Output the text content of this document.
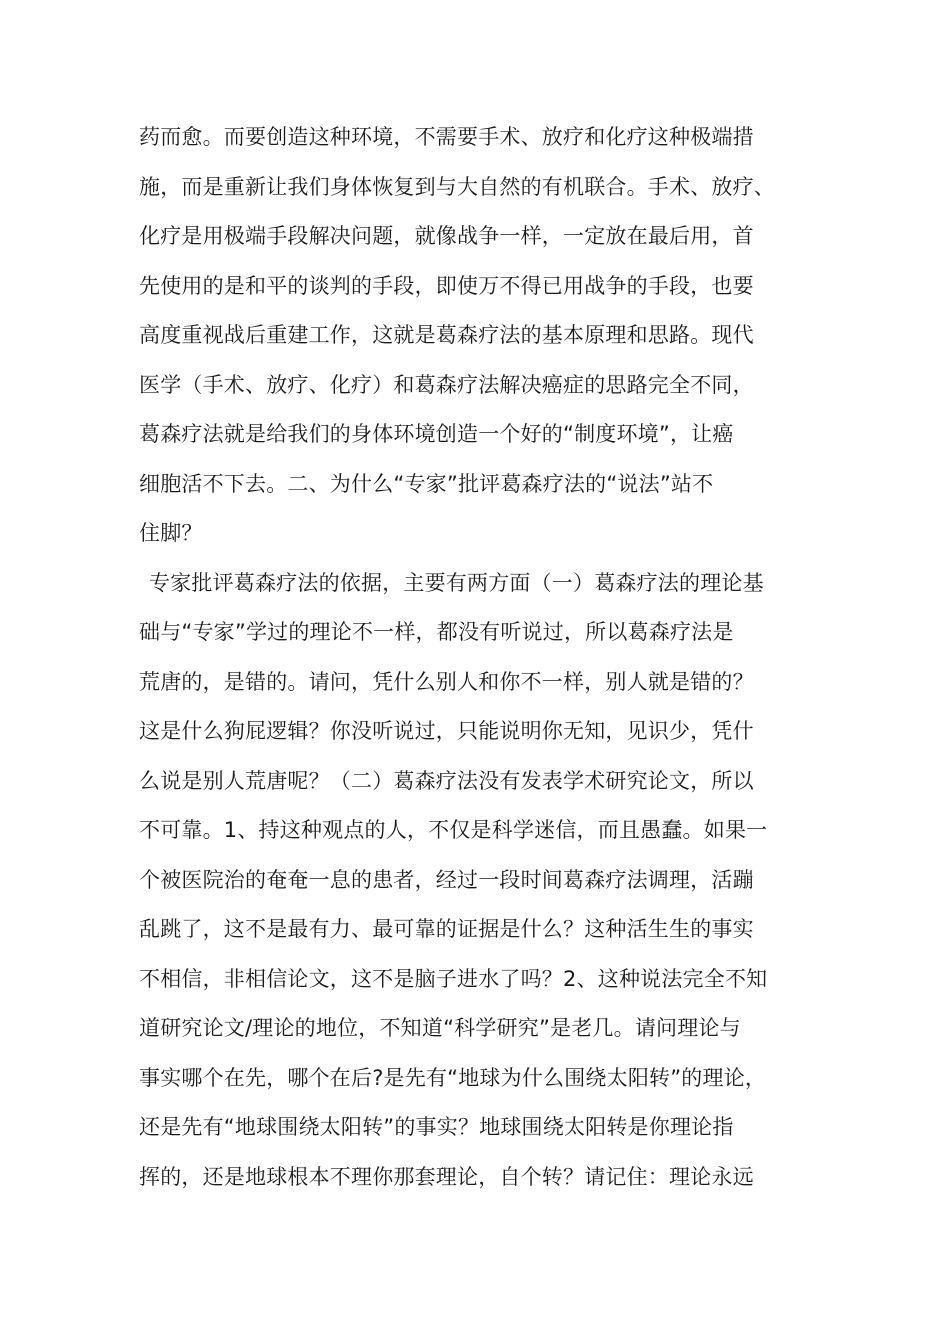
药而愈。而要创造这种环境，不需要手术、放疗和化疗这种极端措
施，而是重新让我们身体恢复到与大自然的有机联合。手术、放疗、
化疗是用极端手段解决问题，就像战争一样，一定放在最后用，首
先使用的是和平的谈判的手段，即使万不得已用战争的手段，也要
高度重视战后重建工作，这就是葛森疗法的基本原理和思路。现代
医学（手术、放疗、化疗）和葛森疗法解决癌症的思路完全不同，
葛森疗法就是给我们的身体环境创造一个好的“制度环境”，让癌
细胞活不下去。二、为什么“专家”批评葛森疗法的“说法”站不
住脚？
专家批评葛森疗法的依据，主要有两方面（一）葛森疗法的理论基
础与“专家”学过的理论不一样，都没有听说过，所以葛森疗法是
荒唐的，是错的。请问，凭什么别人和你不一样，别人就是错的？
这是什么狗屁逻辑？你没听说过，只能说明你无知，见识少，凭什
么说是别人荒唐呢？（二）葛森疗法没有发表学术研究论文，所以
不可靠。1、持这种观点的人，不仅是科学迷信，而且愚蠢。如果一
个被医院治的奄奄一息的患者，经过一段时间葛森疗法调理，活蹦
乱跳了，这不是最有力、最可靠的证据是什么？这种活生生的事实
不相信，非相信论文，这不是脑子进水了吗？2、这种说法完全不知
道研究论文/理论的地位，不知道“科学研究”是老几。请问理论与
事实哪个在先，哪个在后?是先有“地球为什么围绕太阳转”的理论，
还是先有“地球围绕太阳转”的事实？地球围绕太阳转是你理论指
挥的，还是地球根本不理你那套理论，自个转？请记住：理论永远
